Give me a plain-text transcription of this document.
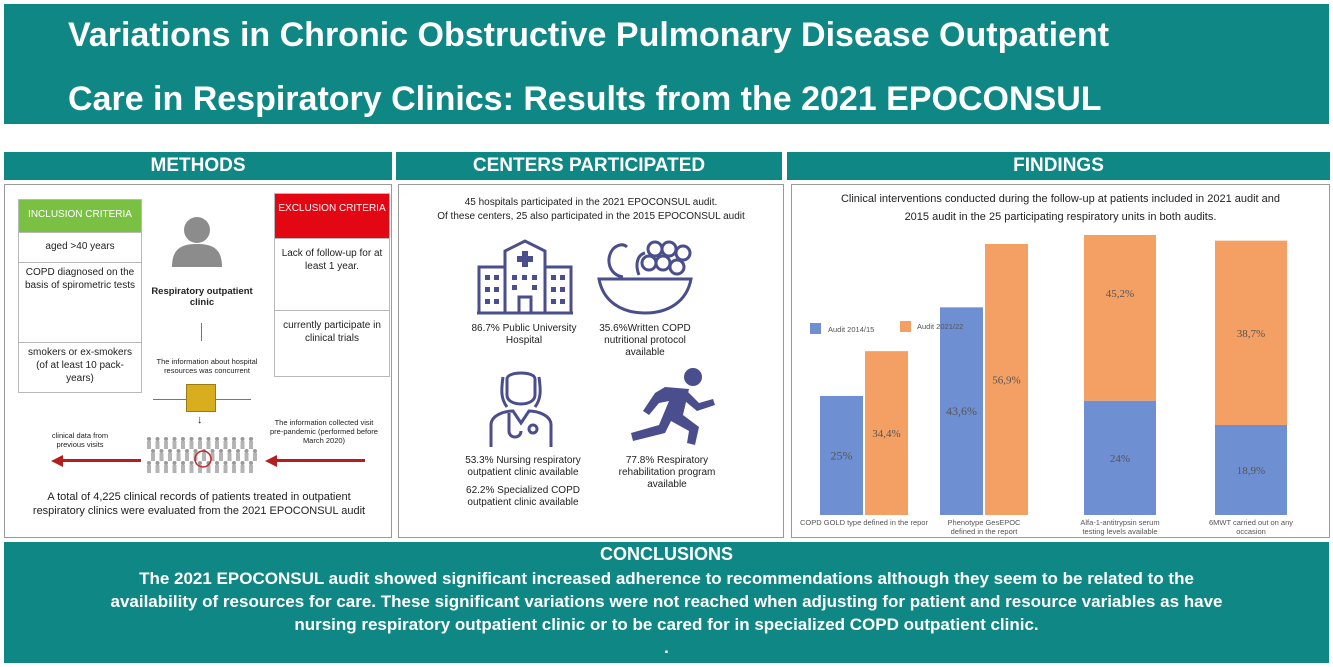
Variations in Chronic Obstructive Pulmonary Disease Outpatient
Care in Respiratory Clinics: Results from the 2021 EPOCONSUL
METHODS	CENTERS PARTICIPATED	FINDINGS
INCLUSION CRITERIA
aged >40 years
COPD diagnosed on the basis of spirometric tests
smokers or ex-smokers (of at least 10 pack-years)
Respiratory outpatient clinic
The information about hospital resources was concurrent
↓
EXCLUSION CRITERIA
Lack of follow-up for at least 1 year.
currently participate in clinical trials
clinical data from previous visits
The information collected visit pre-pandemic (performed before March 2020)
A total of 4,225 clinical records of patients treated in outpatient respiratory clinics were evaluated from the 2021 EPOCONSUL audit
45 hospitals participated in the 2021 EPOCONSUL audit.
Of these centers, 25 also participated in the 2015 EPOCONSUL audit
86.7% Public University Hospital
35.6%Written COPD nutritional protocol available
53.3% Nursing respiratory outpatient clinic available
62.2% Specialized COPD outpatient clinic available
77.8% Respiratory rehabilitation program available
Clinical interventions conducted during the follow-up at patients included in 2021 audit and
2015 audit in the 25 participating respiratory units in both audits.
25%
34,4%
43,6%
56,9%
24%
45,2%
18,9%
38,7%
COPD GOLD type defined in the repor	Phenotype GesEPOC
defined in the report
Alfa-1-antitrypsin serum
testing levels available
6MWT carried out on any
occasion
Audit 2014/15	Audit 2021/22
CONCLUSIONS
The 2021 EPOCONSUL audit showed significant increased adherence to recommendations although they seem to be related to the
availability of resources for care. These significant variations were not reached when adjusting for patient and resource variables as have
nursing respiratory outpatient clinic or to be cared for in specialized COPD outpatient clinic.
.
